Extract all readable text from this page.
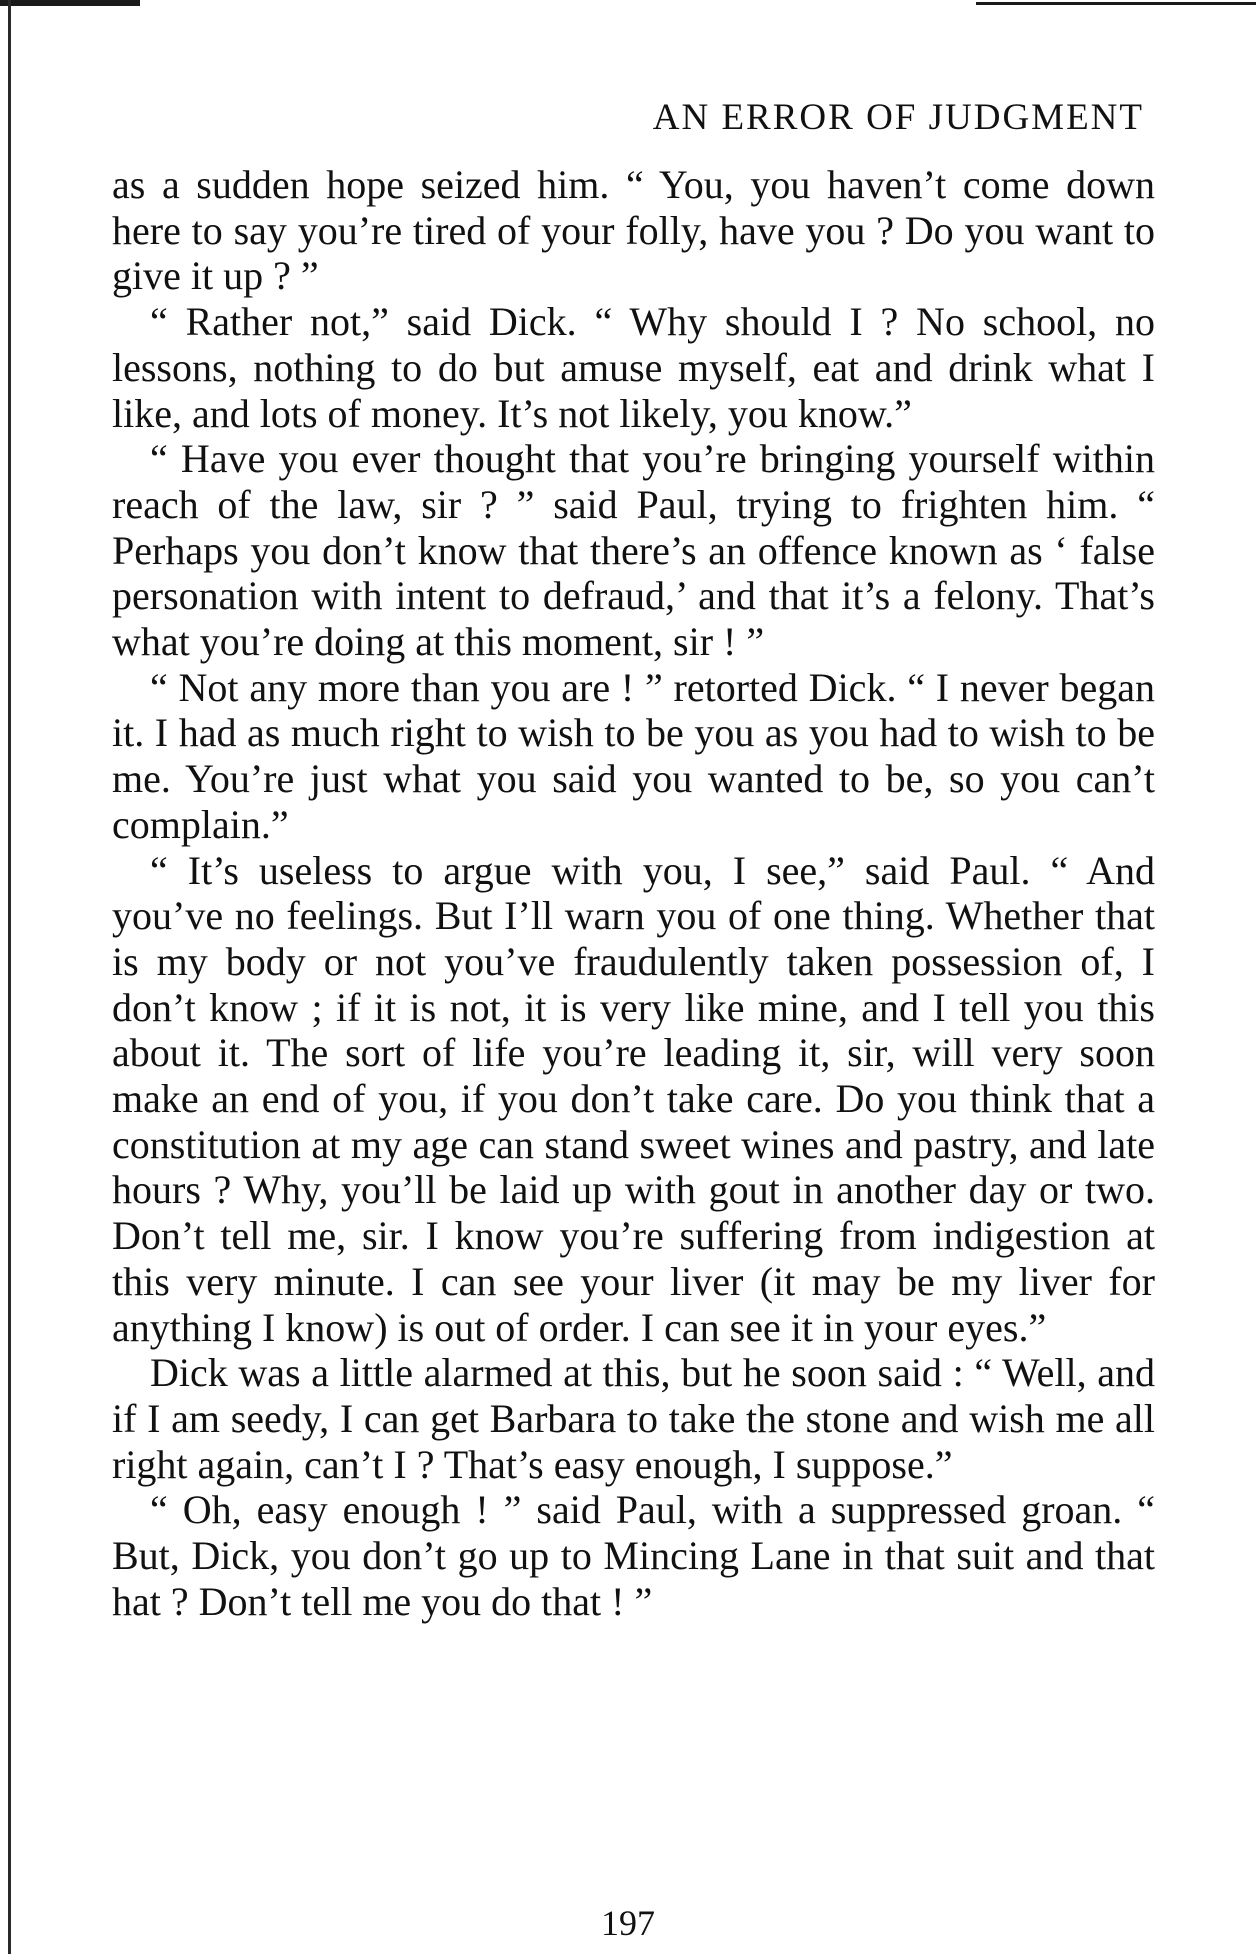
AN ERROR OF JUDGMENT

as a sudden hope seized him. “ You, you haven’t come down here to say you’re tired of your folly, have you ? Do you want to give it up ? ”

“ Rather not,” said Dick. “ Why should I ? No school, no lessons, nothing to do but amuse myself, eat and drink what I like, and lots of money. It’s not likely, you know.”

“ Have you ever thought that you’re bringing yourself within reach of the law, sir ? ” said Paul, trying to frighten him. “ Perhaps you don’t know that there’s an offence known as ‘ false personation with intent to defraud,’ and that it’s a felony. That’s what you’re doing at this moment, sir ! ”

“ Not any more than you are ! ” retorted Dick. “ I never began it. I had as much right to wish to be you as you had to wish to be me. You’re just what you said you wanted to be, so you can’t complain.”

“ It’s useless to argue with you, I see,” said Paul. “ And you’ve no feelings. But I’ll warn you of one thing. Whether that is my body or not you’ve fraudulently taken possession of, I don’t know ; if it is not, it is very like mine, and I tell you this about it. The sort of life you’re leading it, sir, will very soon make an end of you, if you don’t take care. Do you think that a constitution at my age can stand sweet wines and pastry, and late hours ? Why, you’ll be laid up with gout in another day or two. Don’t tell me, sir. I know you’re suffering from indigestion at this very minute. I can see your liver (it may be my liver for anything I know) is out of order. I can see it in your eyes.”

Dick was a little alarmed at this, but he soon said : “ Well, and if I am seedy, I can get Barbara to take the stone and wish me all right again, can’t I ? That’s easy enough, I suppose.”

“ Oh, easy enough ! ” said Paul, with a suppressed groan. “ But, Dick, you don’t go up to Mincing Lane in that suit and that hat ? Don’t tell me you do that ! ”

197
